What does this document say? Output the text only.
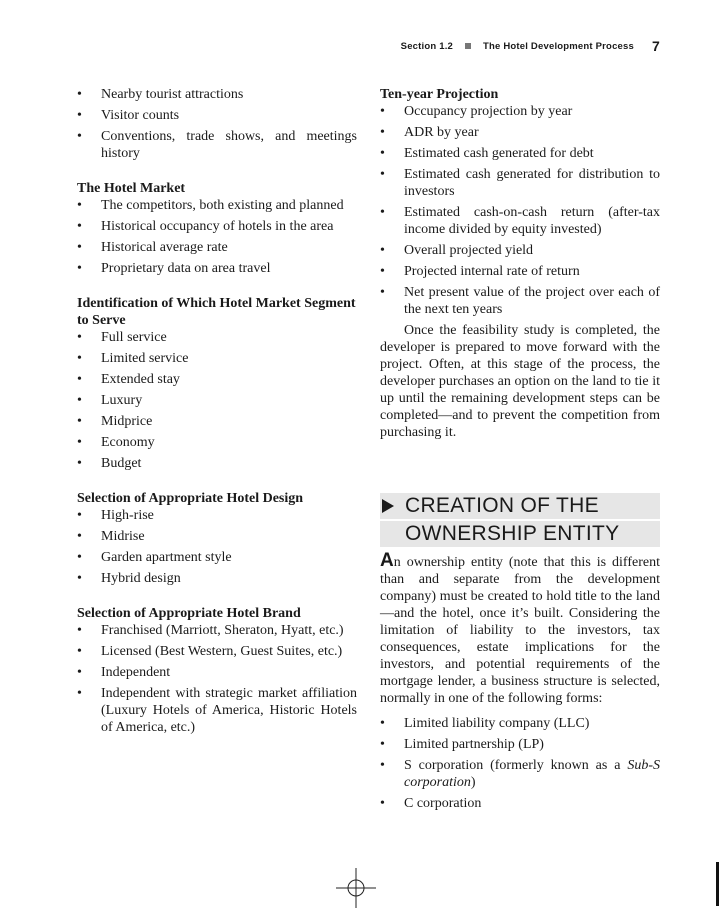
Section 1.2	The Hotel Development Process 7
• Nearby tourist attractions
• Visitor counts
• Conventions, trade shows, and meetings history

The Hotel Market

• The competitors, both existing and planned
• Historical occupancy of hotels in the area
• Historical average rate
• Proprietary data on area travel

Identification of Which Hotel Market Segment to Serve

• Full service
• Limited service
• Extended stay
• Luxury
• Midprice
• Economy
• Budget

Selection of Appropriate Hotel Design

• High-rise
• Midrise
• Garden apartment style
• Hybrid design

Selection of Appropriate Hotel Brand

• Franchised (Marriott, Sheraton, Hyatt, etc.)
• Licensed (Best Western, Guest Suites, etc.)
• Independent
• Independent with strategic market affiliation (Luxury Hotels of America, Historic Hotels of America, etc.)

Ten-year Projection

• Occupancy projection by year
• ADR by year
• Estimated cash generated for debt
• Estimated cash generated for distribution to investors
• Estimated cash-on-cash return (after-tax income divided by equity invested)
• Overall projected yield
• Projected internal rate of return
• Net present value of the project over each of the next ten years

Once the feasibility study is completed, the developer is prepared to move forward with the project. Often, at this stage of the process, the developer purchases an option on the land to tie it up until the remaining development steps can be completed—and to prevent the competition from purchasing it.

CREATION OF THE
OWNERSHIP ENTITY

An ownership entity (note that this is different than and separate from the development company) must be created to hold title to the land—and the hotel, once it’s built. Considering the limitation of liability to the investors, tax consequences, estate implications for the investors, and potential requirements of the mortgage lender, a business structure is selected, normally in one of the following forms:

• Limited liability company (LLC)
• Limited partnership (LP)
• S corporation (formerly known as a Sub-S corporation)
• C corporation
